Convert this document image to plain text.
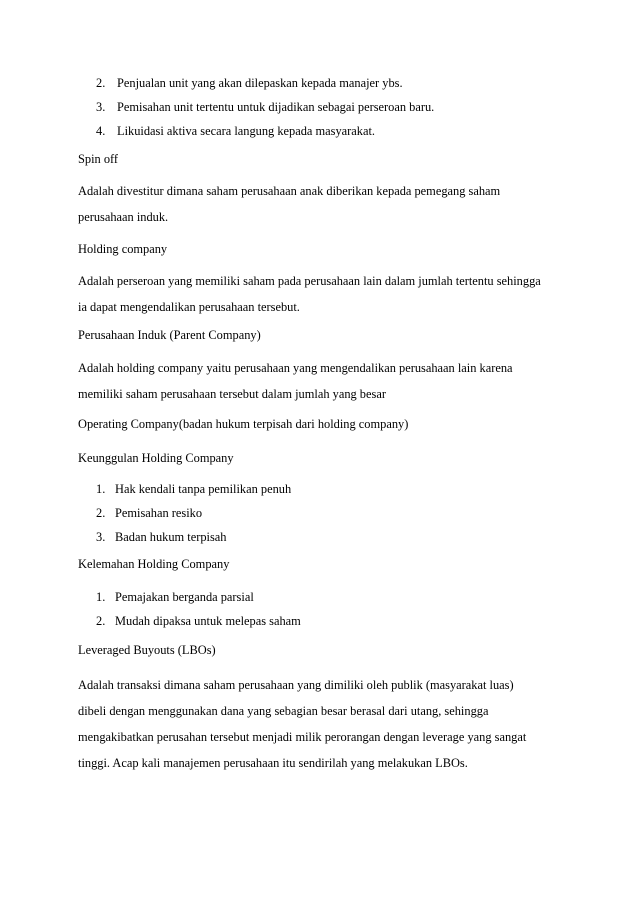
2. Penjualan unit yang akan dilepaskan kepada manajer ybs.
3. Pemisahan unit tertentu untuk dijadikan sebagai perseroan baru.
4. Likuidasi aktiva secara langung kepada masyarakat.
Spin off
Adalah divestitur dimana saham perusahaan anak diberikan kepada pemegang saham
perusahaan induk.
Holding company
Adalah perseroan yang memiliki saham pada perusahaan lain dalam jumlah tertentu sehingga
ia dapat mengendalikan perusahaan tersebut.
Perusahaan Induk (Parent Company)
Adalah holding company yaitu perusahaan yang mengendalikan perusahaan lain karena
memiliki saham perusahaan tersebut dalam jumlah yang besar
Operating Company(badan hukum terpisah dari holding company)
Keunggulan Holding Company
1. Hak kendali tanpa pemilikan penuh
2. Pemisahan resiko
3. Badan hukum terpisah
Kelemahan Holding Company
1. Pemajakan berganda parsial
2. Mudah dipaksa untuk melepas saham
Leveraged Buyouts (LBOs)
Adalah transaksi dimana saham perusahaan yang dimiliki oleh publik (masyarakat luas)
dibeli dengan menggunakan dana yang sebagian besar berasal dari utang, sehingga
mengakibatkan perusahan tersebut menjadi milik perorangan dengan leverage yang sangat
tinggi. Acap kali manajemen perusahaan itu sendirilah yang melakukan LBOs.
